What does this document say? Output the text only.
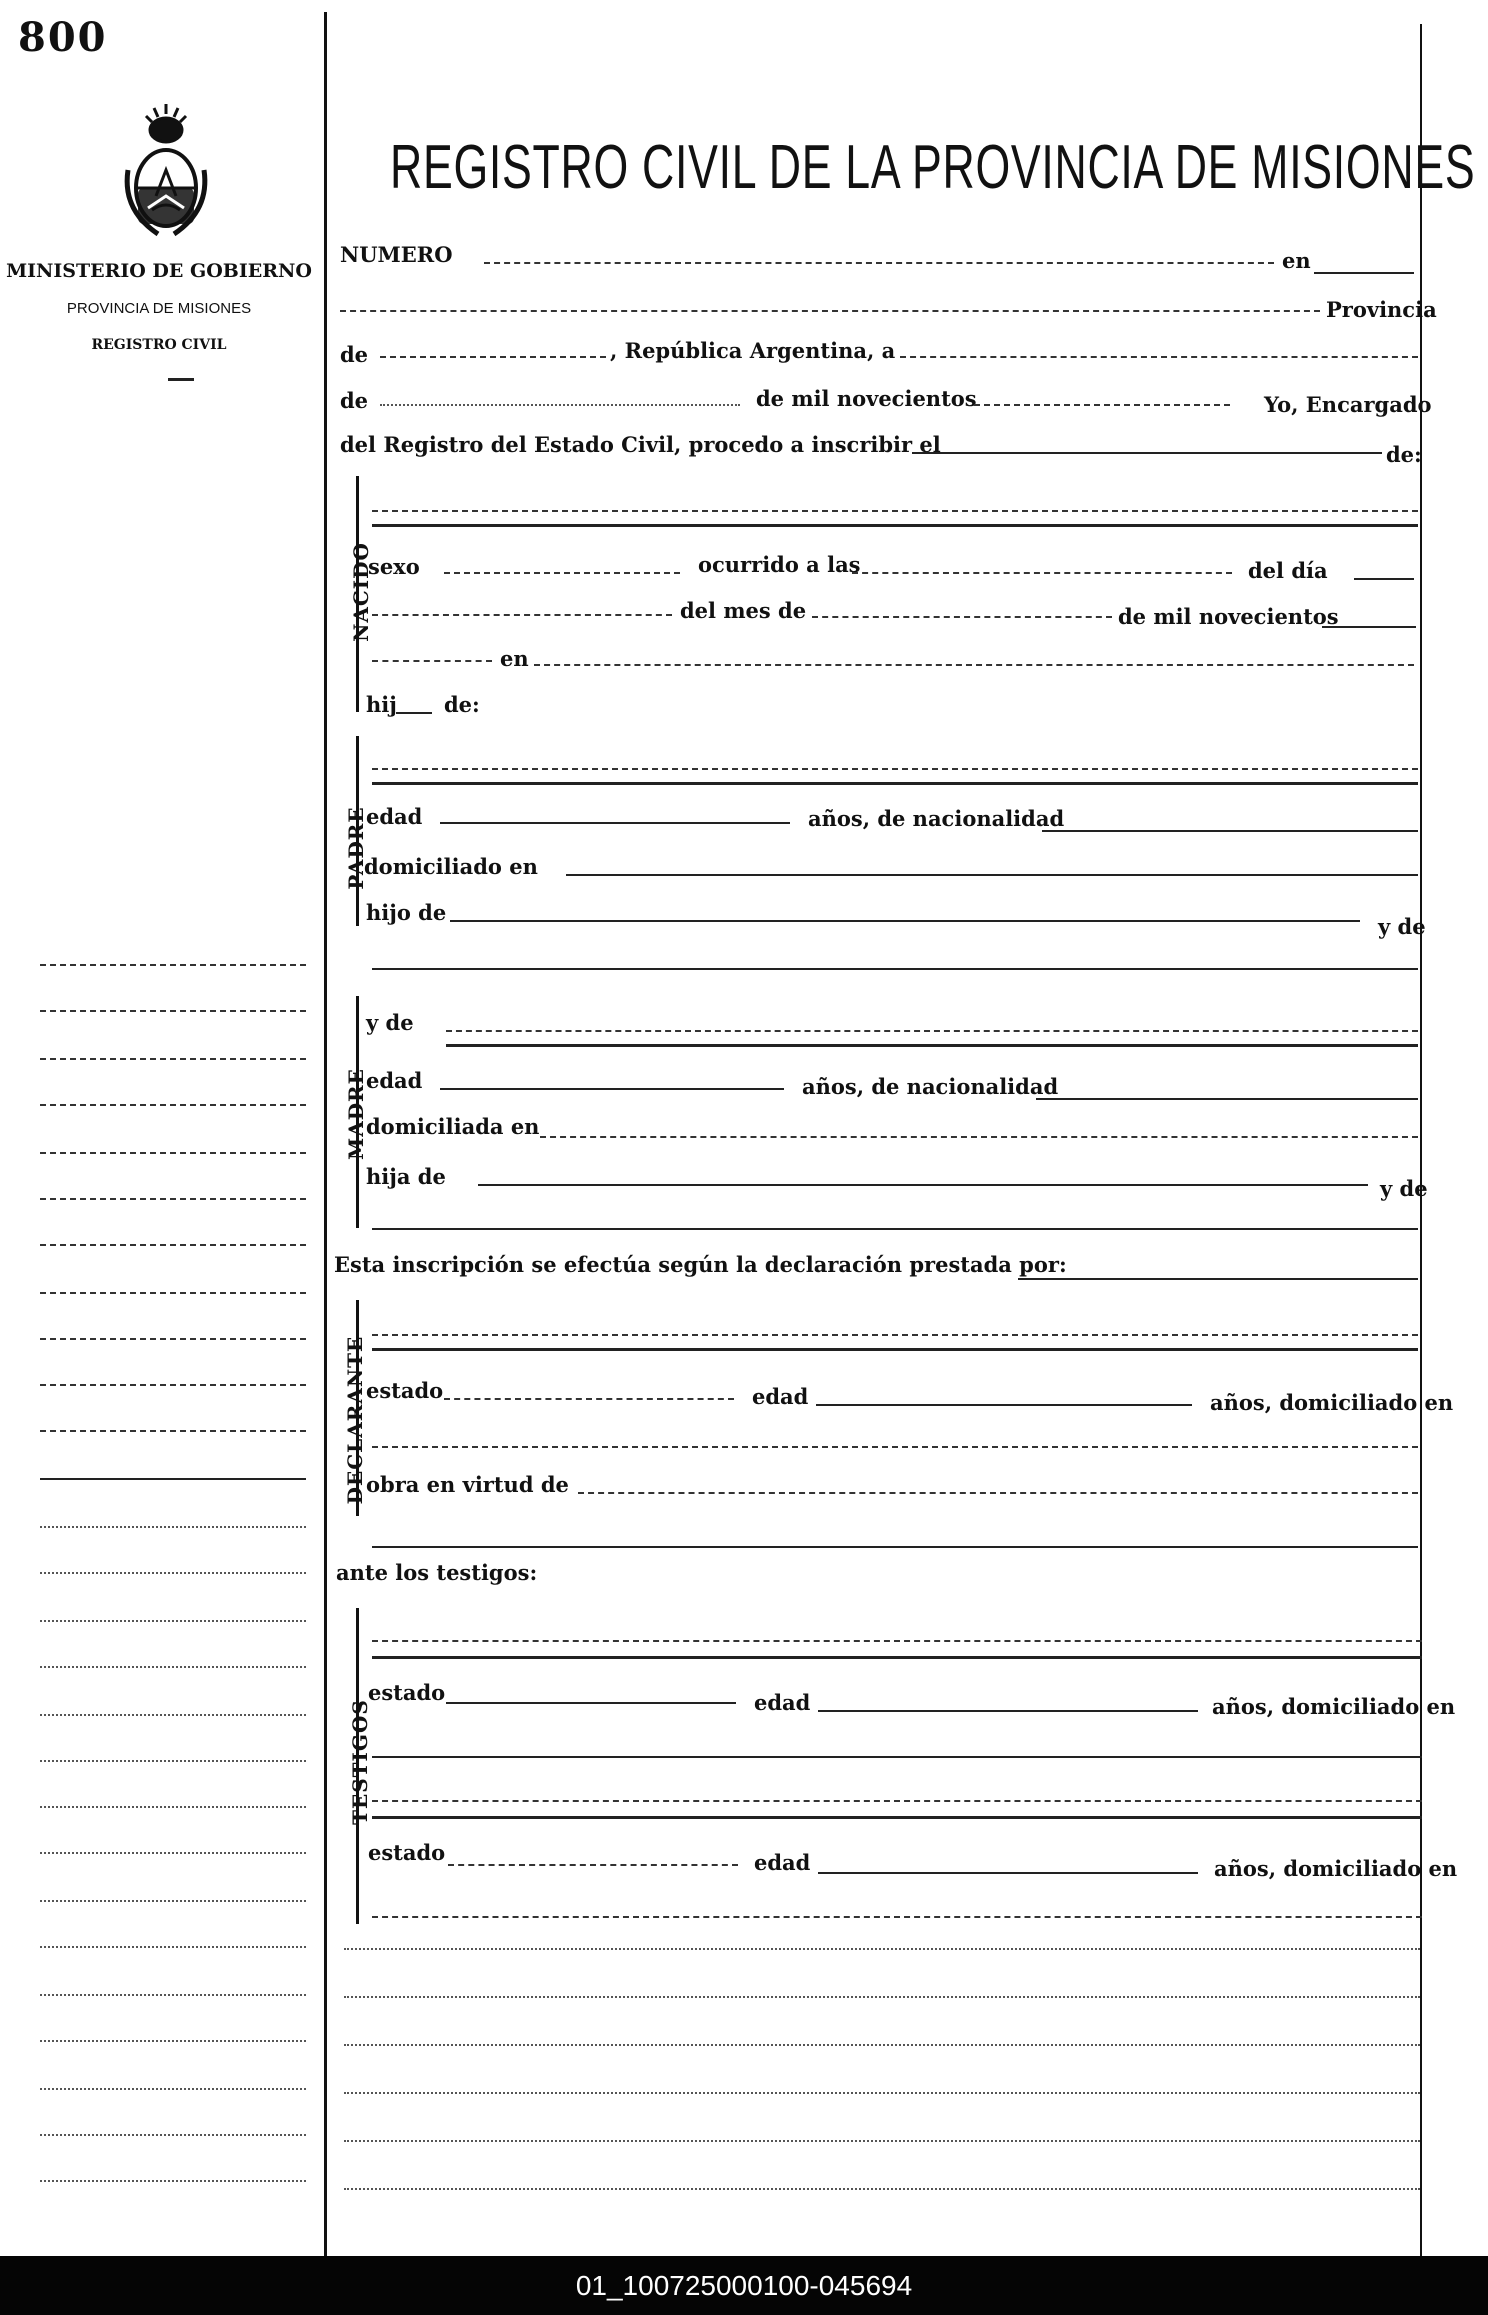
800
MINISTERIO DE GOBIERNO
PROVINCIA DE MISIONES
REGISTRO CIVIL
REGISTRO CIVIL DE LA PROVINCIA DE MISIONES
NUMERO	en
Provincia
de	, República Argentina, a
de	de mil novecientos	Yo, Encargado
del Registro del Estado Civil, procedo a inscribir el	de:
NACIDO
sexo	ocurrido a las	del día
del mes de	de mil novecientos
en
hij de:
PADRE
edad	años, de nacionalidad
domiciliado en
hijo de
y de
MADRE
y de
edad	años, de nacionalidad
domiciliada en
hija de	y de
Esta inscripción se efectúa según la declaración prestada por:
DECLARANTE estado	edad	años, domiciliado en
obra en virtud de
ante los testigos:
TESTIGOS
estado	edad	años, domiciliado en
estado	edad	años, domiciliado en
01_100725000100-045694
